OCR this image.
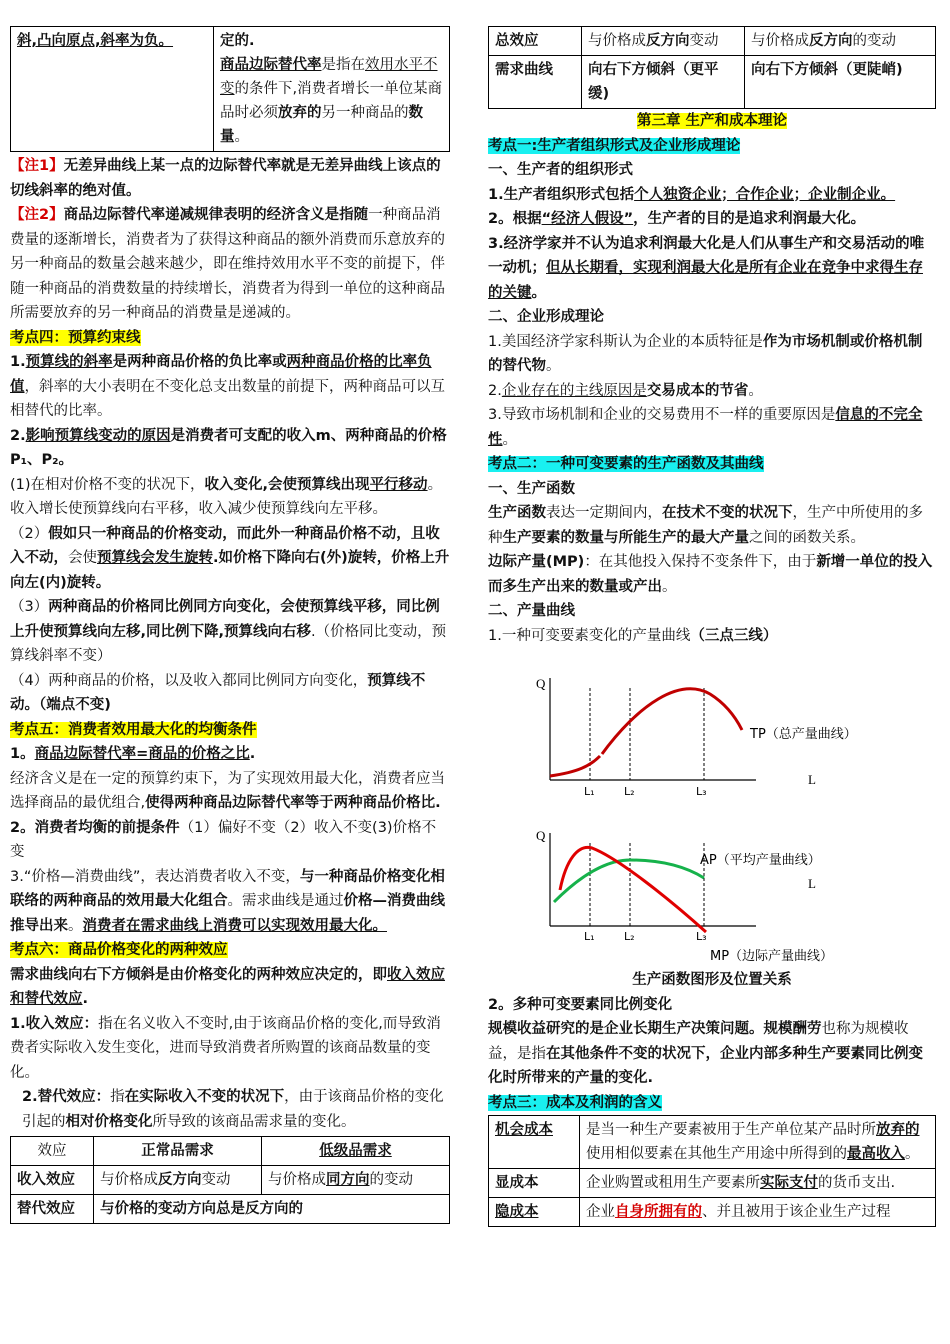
斜,凸向原点,斜率为负。	定的.
商品边际替代率是指在效用水平不变的条件下,消费者增长一单位某商品时必须放弃的另一种商品的数量。

【注1】无差异曲线上某一点的边际替代率就是无差异曲线上该点的切线斜率的绝对值。

【注2】商品边际替代率递减规律表明的经济含义是指随一种商品消费量的逐渐增长，消费者为了获得这种商品的额外消费而乐意放弃的另一种商品的数量会越来越少，即在维持效用水平不变的前提下，伴随一种商品的消费数量的持续增长，消费者为得到一单位的这种商品所需要放弃的另一种商品的消费量是递减的。

考点四：预算约束线

1.预算线的斜率是两种商品价格的负比率或两种商品价格的比率负值，斜率的大小表明在不变化总支出数量的前提下，两种商品可以互相替代的比率。

2.影响预算线变动的原因是消费者可支配的收入m、两种商品的价格P₁、P₂。

(1)在相对价格不变的状况下，收入变化,会使预算线出现平行移动。收入增长使预算线向右平移，收入减少使预算线向左平移。

（2）假如只一种商品的价格变动，而此外一种商品价格不动，且收入不动，会使预算线会发生旋转.如价格下降向右(外)旋转，价格上升向左(内)旋转。

（3）两种商品的价格同比例同方向变化，会使预算线平移，同比例上升使预算线向左移,同比例下降,预算线向右移.（价格同比变动，预算线斜率不变）

（4）两种商品的价格，以及收入都同比例同方向变化，预算线不动。（端点不变)

考点五：消费者效用最大化的均衡条件

1。商品边际替代率=商品的价格之比.
经济含义是在一定的预算约束下，为了实现效用最大化，消费者应当选择商品的最优组合,使得两种商品边际替代率等于两种商品价格比.

2。消费者均衡的前提条件（1）偏好不变（2）收入不变(3)价格不变

3.“价格—消费曲线”，表达消费者收入不变，与一种商品价格变化相联络的两种商品的效用最大化组合。需求曲线是通过价格—消费曲线推导出来。消费者在需求曲线上消费可以实现效用最大化。

考点六：商品价格变化的两种效应

需求曲线向右下方倾斜是由价格变化的两种效应决定的，即收入效应和替代效应.

1.收入效应：指在名义收入不变时,由于该商品价格的变化,而导致消费者实际收入发生变化，进而导致消费者所购置的该商品数量的变化。

2.替代效应：指在实际收入不变的状况下，由于该商品价格的变化引起的相对价格变化所导致的该商品需求量的变化。

效应	正常品需求	低级品需求
收入效应	与价格成反方向变动	与价格成同方向的变动
替代效应	与价格的变动方向总是反方向的	
总效应	与价格成反方向变动	与价格成反方向的变动
需求曲线	向右下方倾斜（更平缓)	向右下方倾斜（更陡峭)

第三章 生产和成本理论

考点一:生产者组织形式及企业形成理论

一、生产者的组织形式

1.生产者组织形式包括个人独资企业；合作企业；企业制企业。

2。根据“经济人假设”，生产者的目的是追求利润最大化。

3.经济学家并不认为追求利润最大化是人们从事生产和交易活动的唯一动机；但从长期看，实现利润最大化是所有企业在竞争中求得生存的关键。

二、企业形成理论

1.美国经济学家科斯认为企业的本质特征是作为市场机制或价格机制的替代物。

2.企业存在的主线原因是交易成本的节省。

3.导致市场机制和企业的交易费用不一样的重要原因是信息的不完全性。

考点二：一种可变要素的生产函数及其曲线

一、生产函数

生产函数表达一定期间内，在技术不变的状况下，生产中所使用的多种生产要素的数量与所能生产的最大产量之间的函数关系。

边际产量(MP)：在其他投入保持不变条件下，由于新增一单位的投入而多生产出来的数量或产出。

二、产量曲线

1.一种可变要素变化的产量曲线（三点三线）

Q
L
L₁	L₂	L₃
TP（总产量曲线）
Q
L
L₁	L₂	L₃
AP（平均产量曲线）
MP（边际产量曲线）

生产函数图形及位置关系

2。多种可变要素同比例变化

规模收益研究的是企业长期生产决策问题。规模酬劳也称为规模收益，是指在其他条件不变的状况下，企业内部多种生产要素同比例变化时所带来的产量的变化.

考点三：成本及利润的含义

机会成本	是当一种生产要素被用于生产单位某产品时所放弃的使用相似要素在其他生产用途中所得到的最高收入。
显成本	企业购置或租用生产要素所实际支付的货币支出.
隐成本	企业自身所拥有的、并且被用于该企业生产过程
